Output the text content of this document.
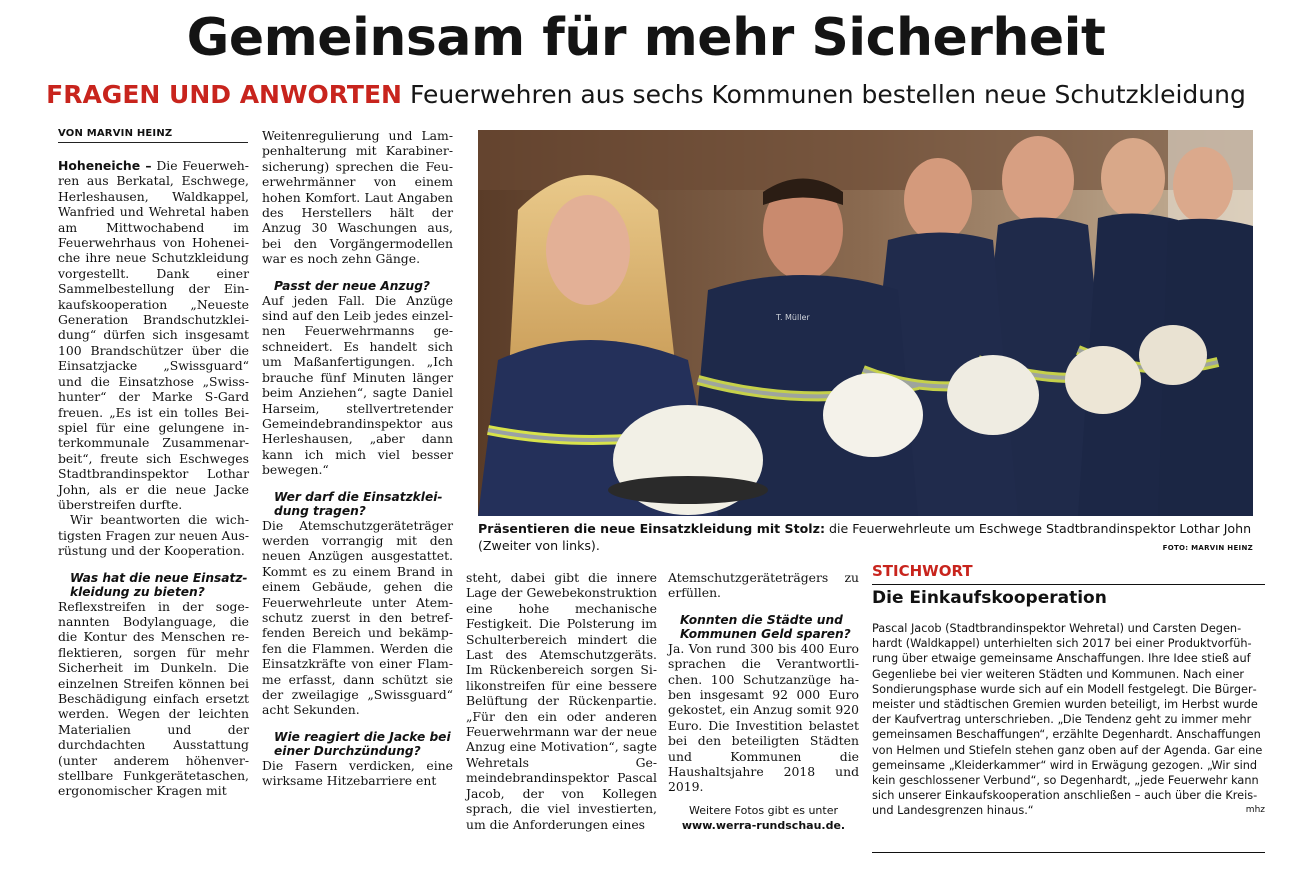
Gemeinsam für mehr Sicherheit
FRAGEN UND ANWORTEN Feuerwehren aus sechs Kommunen bestellen neue Schutzkleidung
VON MARVIN HEINZ

Hoheneiche – Die Feuerwehren aus Berkatal, Eschwege, Herleshausen, Waldkappel, Wanfried und Wehretal haben am Mittwochabend im Feuerwehrhaus von Hoheneiche ihre neue Schutzkleidung vorgestellt. Dank einer Sammelbestellung der Einkaufskooperation „Neueste Generation Brandschutzkleidung“ dürfen sich insgesamt 100 Brandschützer über die Einsatzjacke „Swissguard“ und die Einsatzhose „Swisshunter“ der Marke S-Gard freuen. „Es ist ein tolles Beispiel für eine gelungene interkommunale Zusammenarbeit“, freute sich Eschweges Stadtbrandinspektor Lothar John, als er die neue Jacke überstreifen durfte.

Wir beantworten die wichtigsten Fragen zur neuen Ausrüstung und der Kooperation.

Was hat die neue Einsatzkleidung zu bieten?

Reflexstreifen in der sogenannten Bodylanguage, die die Kontur des Menschen reflektieren, sorgen für mehr Sicherheit im Dunkeln. Die einzelnen Streifen können bei Beschädigung einfach ersetzt werden. Wegen der leichten Materialien und der durchdachten Ausstattung (unter anderem höhenverstellbare Funkgerätetaschen, ergonomischer Kragen mit

Weitenregulierung und Lampenhalterung mit Karabinersicherung) sprechen die Feuerwehrmänner von einem hohen Komfort. Laut Angaben des Herstellers hält der Anzug 30 Waschungen aus, bei den Vorgängermodellen war es noch zehn Gänge.

Passt der neue Anzug?

Auf jeden Fall. Die Anzüge sind auf den Leib jedes einzelnen Feuerwehrmanns geschneidert. Es handelt sich um Maßanfertigungen. „Ich brauche fünf Minuten länger beim Anziehen“, sagte Daniel Harseim, stellvertretender Gemeindebrandinspektor aus Herleshausen, „aber dann kann ich mich viel besser bewegen.“

Wer darf die Einsatzkleidung tragen?

Die Atemschutzgeräteträger werden vorrangig mit den neuen Anzügen ausgestattet. Kommt es zu einem Brand in einem Gebäude, gehen die Feuerwehrleute unter Atemschutz zuerst in den betreffenden Bereich und bekämpfen die Flammen. Werden die Einsatzkräfte von einer Flamme erfasst, dann schützt sie der zweilagige „Swissguard“ acht Sekunden.

Wie reagiert die Jacke bei einer Durchzündung?

Die Fasern verdicken, eine wirksame Hitzebarriere ent

steht, dabei gibt die innere Lage der Gewebekonstruktion eine hohe mechanische Festigkeit. Die Polsterung im Schulterbereich mindert die Last des Atemschutzgeräts. Im Rückenbereich sorgen Silikonstreifen für eine bessere Belüftung der Rückenpartie. „Für den ein oder anderen Feuerwehrmann war der neue Anzug eine Motivation“, sagte Wehretals Gemeindebrandinspektor Pascal Jacob, der von Kollegen sprach, die viel investierten, um die Anforderungen eines

Atemschutzgeräteträgers zu erfüllen.

Konnten die Städte und Kommunen Geld sparen?

Ja. Von rund 300 bis 400 Euro sprachen die Verantwortlichen. 100 Schutzanzüge haben insgesamt 92 000 Euro gekostet, ein Anzug somit 920 Euro. Die Investition belastet bei den beteiligten Städten und Kommunen die Haushaltsjahre 2018 und 2019.

Weitere Fotos gibt es unter
www.werra-rundschau.de.

T. Müller
Präsentieren die neue Einsatzkleidung mit Stolz: die Feuerwehrleute um Eschwege Stadtbrandinspektor Lothar John (Zweiter von links).	FOTO: MARVIN HEINZ
STICHWORT
Die Einkaufskooperation

Pascal Jacob (Stadtbrandinspektor Wehretal) und Carsten Degenhardt (Waldkappel) unterhielten sich 2017 bei einer Produktvorführung über etwaige gemeinsame Anschaffungen. Ihre Idee stieß auf Gegenliebe bei vier weiteren Städten und Kommunen. Nach einer Sondierungsphase wurde sich auf ein Modell festgelegt. Die Bürgermeister und städtischen Gremien wurden beteiligt, im Herbst wurde der Kaufvertrag unterschrieben. „Die Tendenz geht zu immer mehr gemeinsamen Beschaffungen“, erzählte Degenhardt. Anschaffungen von Helmen und Stiefeln stehen ganz oben auf der Agenda. Gar eine gemeinsame „Kleiderkammer“ wird in Erwägung gezogen. „Wir sind kein geschlossener Verbund“, so Degenhardt, „jede Feuerwehr kann sich unserer Einkaufskooperation anschließen – auch über die Kreis- und Landesgrenzen hinaus.“	mhz
